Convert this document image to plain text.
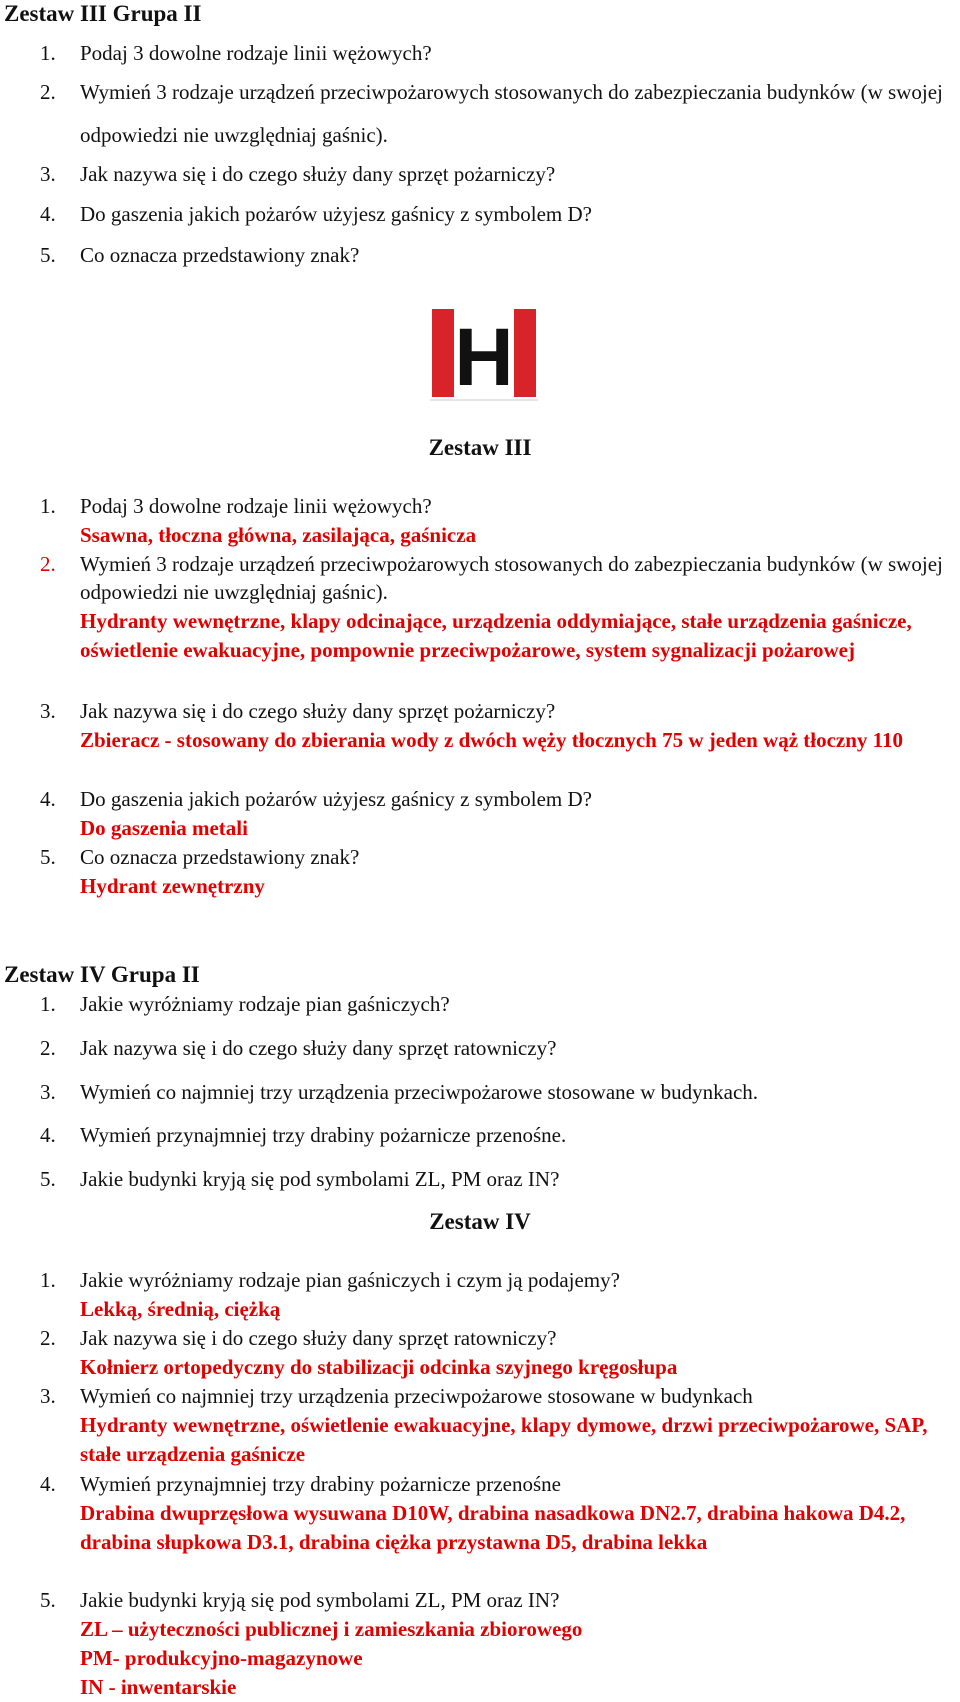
Zestaw III Grupa II
1. Podaj 3 dowolne rodzaje linii wężowych?
2. Wymień 3 rodzaje urządzeń przeciwpożarowych stosowanych do zabezpieczania budynków (w swojej odpowiedzi nie uwzględniaj gaśnic).
3. Jak nazywa się i do czego służy dany sprzęt pożarniczy?
4. Do gaszenia jakich pożarów użyjesz gaśnicy z symbolem D?
5. Co oznacza przedstawiony znak?
H
Zestaw III
1. Podaj 3 dowolne rodzaje linii wężowych?
Ssawna, tłoczna główna, zasilająca, gaśnicza
2. Wymień 3 rodzaje urządzeń przeciwpożarowych stosowanych do zabezpieczania budynków (w swojej odpowiedzi nie uwzględniaj gaśnic).
Hydranty wewnętrzne, klapy odcinające, urządzenia oddymiające, stałe urządzenia gaśnicze, oświetlenie ewakuacyjne, pompownie przeciwpożarowe, system sygnalizacji pożarowej
3. Jak nazywa się i do czego służy dany sprzęt pożarniczy?
Zbieracz - stosowany do zbierania wody z dwóch węży tłocznych 75 w jeden wąż tłoczny 110
4. Do gaszenia jakich pożarów użyjesz gaśnicy z symbolem D?
Do gaszenia metali
5. Co oznacza przedstawiony znak?
Hydrant zewnętrzny
Zestaw IV Grupa II
1. Jakie wyróżniamy rodzaje pian gaśniczych?
2. Jak nazywa się i do czego służy dany sprzęt ratowniczy?
3. Wymień co najmniej trzy urządzenia przeciwpożarowe stosowane w budynkach.
4. Wymień przynajmniej trzy drabiny pożarnicze przenośne.
5. Jakie budynki kryją się pod symbolami ZL, PM oraz IN?
Zestaw IV
1. Jakie wyróżniamy rodzaje pian gaśniczych i czym ją podajemy?
Lekką, średnią, ciężką
2. Jak nazywa się i do czego służy dany sprzęt ratowniczy?
Kołnierz ortopedyczny do stabilizacji odcinka szyjnego kręgosłupa
3. Wymień co najmniej trzy urządzenia przeciwpożarowe stosowane w budynkach
Hydranty wewnętrzne, oświetlenie ewakuacyjne, klapy dymowe, drzwi przeciwpożarowe, SAP, stałe urządzenia gaśnicze
4. Wymień przynajmniej trzy drabiny pożarnicze przenośne
Drabina dwuprzęsłowa wysuwana D10W, drabina nasadkowa DN2.7, drabina hakowa D4.2, drabina słupkowa D3.1, drabina ciężka przystawna D5, drabina lekka
5. Jakie budynki kryją się pod symbolami ZL, PM oraz IN?
ZL – użyteczności publicznej i zamieszkania zbiorowego
PM- produkcyjno-magazynowe
IN - inwentarskie
